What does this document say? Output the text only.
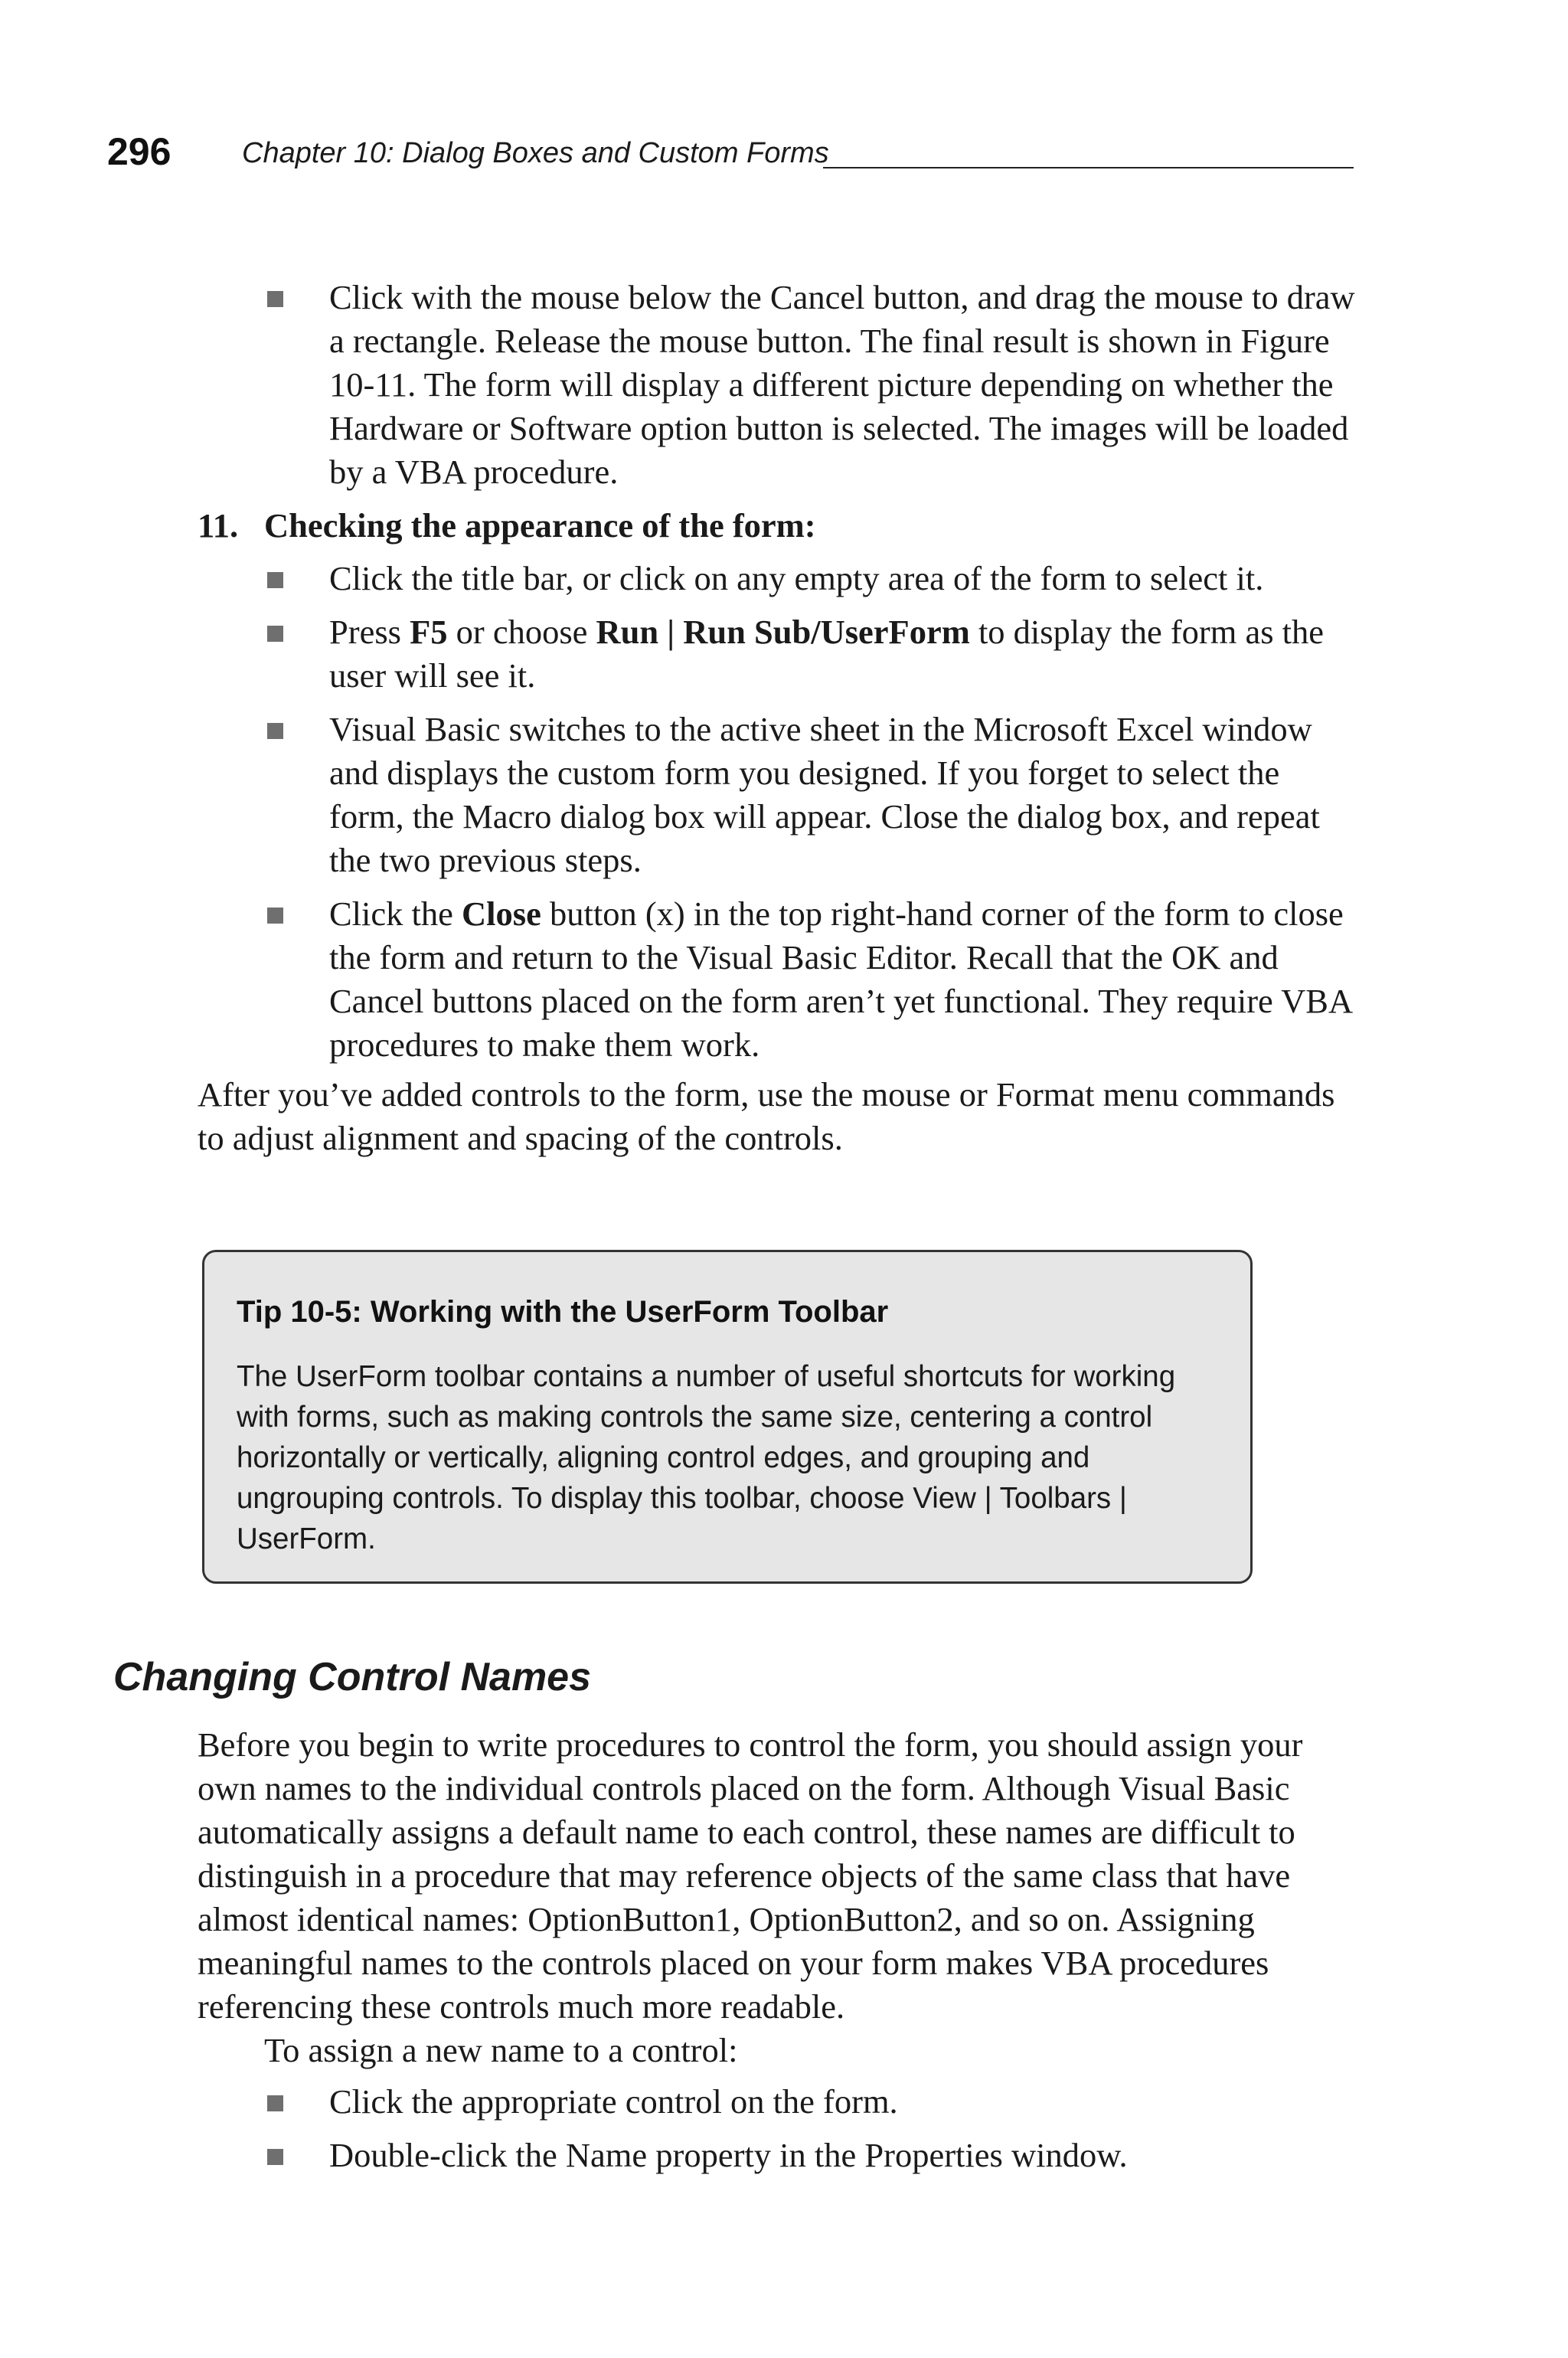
296 Chapter 10: Dialog Boxes and Custom Forms
Click with the mouse below the Cancel button, and drag the mouse to draw a rectangle. Release the mouse button. The final result is shown in Figure 10-11. The form will display a different picture depending on whether the Hardware or Software option button is selected. The images will be loaded by a VBA procedure.
11. Checking the appearance of the form:
Click the title bar, or click on any empty area of the form to select it.
Press F5 or choose Run | Run Sub/UserForm to display the form as the user will see it.
Visual Basic switches to the active sheet in the Microsoft Excel window and displays the custom form you designed. If you forget to select the form, the Macro dialog box will appear. Close the dialog box, and repeat the two previous steps.
Click the Close button (x) in the top right-hand corner of the form to close the form and return to the Visual Basic Editor. Recall that the OK and Cancel buttons placed on the form aren’t yet functional. They require VBA procedures to make them work.

After you’ve added controls to the form, use the mouse or Format menu commands to adjust alignment and spacing of the controls.

Tip 10-5: Working with the UserForm Toolbar
The UserForm toolbar contains a number of useful shortcuts for working with forms, such as making controls the same size, centering a control horizontally or vertically, aligning control edges, and grouping and ungrouping controls. To display this toolbar, choose View | Toolbars | UserForm.
Changing Control Names

Before you begin to write procedures to control the form, you should assign your own names to the individual controls placed on the form. Although Visual Basic automatically assigns a default name to each control, these names are difficult to distinguish in a procedure that may reference objects of the same class that have almost identical names: OptionButton1, OptionButton2, and so on. Assigning meaningful names to the controls placed on your form makes VBA procedures referencing these controls much more readable.

To assign a new name to a control:

Click the appropriate control on the form.
Double-click the Name property in the Properties window.
